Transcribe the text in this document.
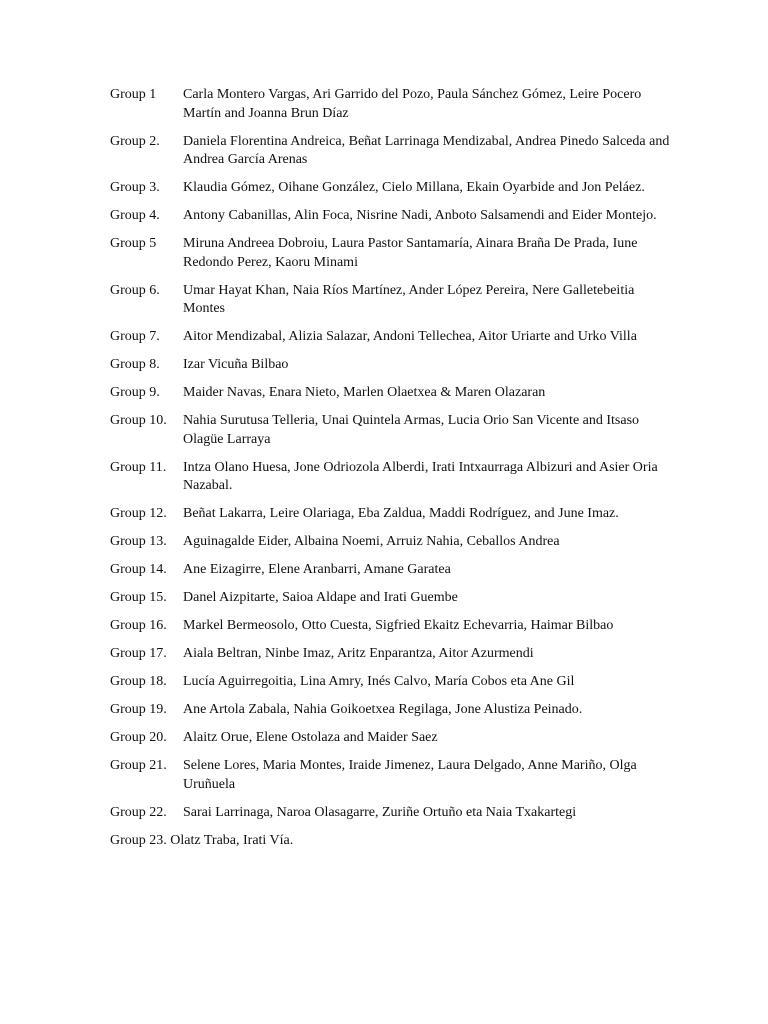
Group 1 Carla Montero Vargas, Ari Garrido del Pozo, Paula Sánchez Gómez, Leire Pocero Martín and Joanna Brun Díaz
Group 2. Daniela Florentina Andreica, Beñat Larrinaga Mendizabal, Andrea Pinedo Salceda and Andrea García Arenas
Group 3. Klaudia Gómez, Oihane González, Cielo Millana, Ekain Oyarbide and Jon Peláez.
Group 4. Antony Cabanillas, Alin Foca, Nisrine Nadi, Anboto Salsamendi and Eider Montejo.
Group 5 Miruna Andreea Dobroiu, Laura Pastor Santamaría, Ainara Braña De Prada, Iune Redondo Perez, Kaoru Minami
Group 6. Umar Hayat Khan, Naia Ríos Martínez, Ander López Pereira, Nere Galletebeitia Montes
Group 7. Aitor Mendizabal, Alizia Salazar, Andoni Tellechea, Aitor Uriarte and Urko Villa
Group 8. Izar Vicuña Bilbao
Group 9. Maider Navas, Enara Nieto, Marlen Olaetxea & Maren Olazaran
Group 10. Nahia Surutusa Telleria, Unai Quintela Armas, Lucia Orio San Vicente and Itsaso Olagüe Larraya
Group 11. Intza Olano Huesa, Jone Odriozola Alberdi, Irati Intxaurraga Albizuri and Asier Oria Nazabal.
Group 12. Beñat Lakarra, Leire Olariaga, Eba Zaldua, Maddi Rodríguez, and June Imaz.
Group 13. Aguinagalde Eider, Albaina Noemi, Arruiz Nahia, Ceballos Andrea
Group 14. Ane Eizagirre, Elene Aranbarri, Amane Garatea
Group 15. Danel Aizpitarte, Saioa Aldape and Irati Guembe
Group 16. Markel Bermeosolo, Otto Cuesta, Sigfried Ekaitz Echevarria, Haimar Bilbao
Group 17. Aiala Beltran, Ninbe Imaz, Aritz Enparantza, Aitor Azurmendi
Group 18. Lucía Aguirregoitia, Lina Amry, Inés Calvo, María Cobos eta Ane Gil
Group 19. Ane Artola Zabala, Nahia Goikoetxea Regilaga, Jone Alustiza Peinado.
Group 20. Alaitz Orue, Elene Ostolaza and Maider Saez
Group 21. Selene Lores, Maria Montes, Iraide Jimenez, Laura Delgado, Anne Mariño, Olga Uruñuela
Group 22. Sarai Larrinaga, Naroa Olasagarre, Zuriñe Ortuño eta Naia Txakartegi
Group 23. Olatz Traba, Irati Vía.
